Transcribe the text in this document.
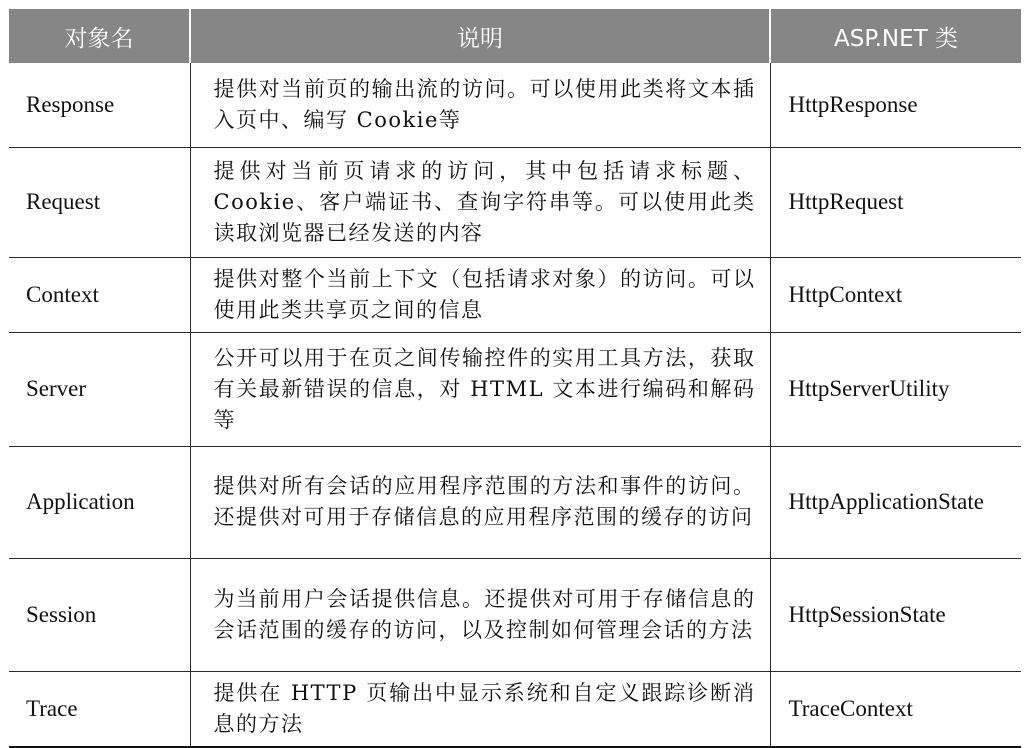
对象名	说明	ASP.NET 类
Response	提供对当前页的输出流的访问。可以使用此类将文本插入页中、编写 Cookie等	HttpResponse
Request	提供对当前页请求的访问，其中包括请求标题、Cookie、客户端证书、查询字符串等。可以使用此类读取浏览器已经发送的内容	HttpRequest
Context	提供对整个当前上下文（包括请求对象）的访问。可以使用此类共享页之间的信息	HttpContext
Server	公开可以用于在页之间传输控件的实用工具方法，获取有关最新错误的信息，对 HTML 文本进行编码和解码等	HttpServerUtility
Application	提供对所有会话的应用程序范围的方法和事件的访问。还提供对可用于存储信息的应用程序范围的缓存的访问	HttpApplicationState
Session	为当前用户会话提供信息。还提供对可用于存储信息的会话范围的缓存的访问，以及控制如何管理会话的方法	HttpSessionState
Trace	提供在 HTTP 页输出中显示系统和自定义跟踪诊断消息的方法	TraceContext
